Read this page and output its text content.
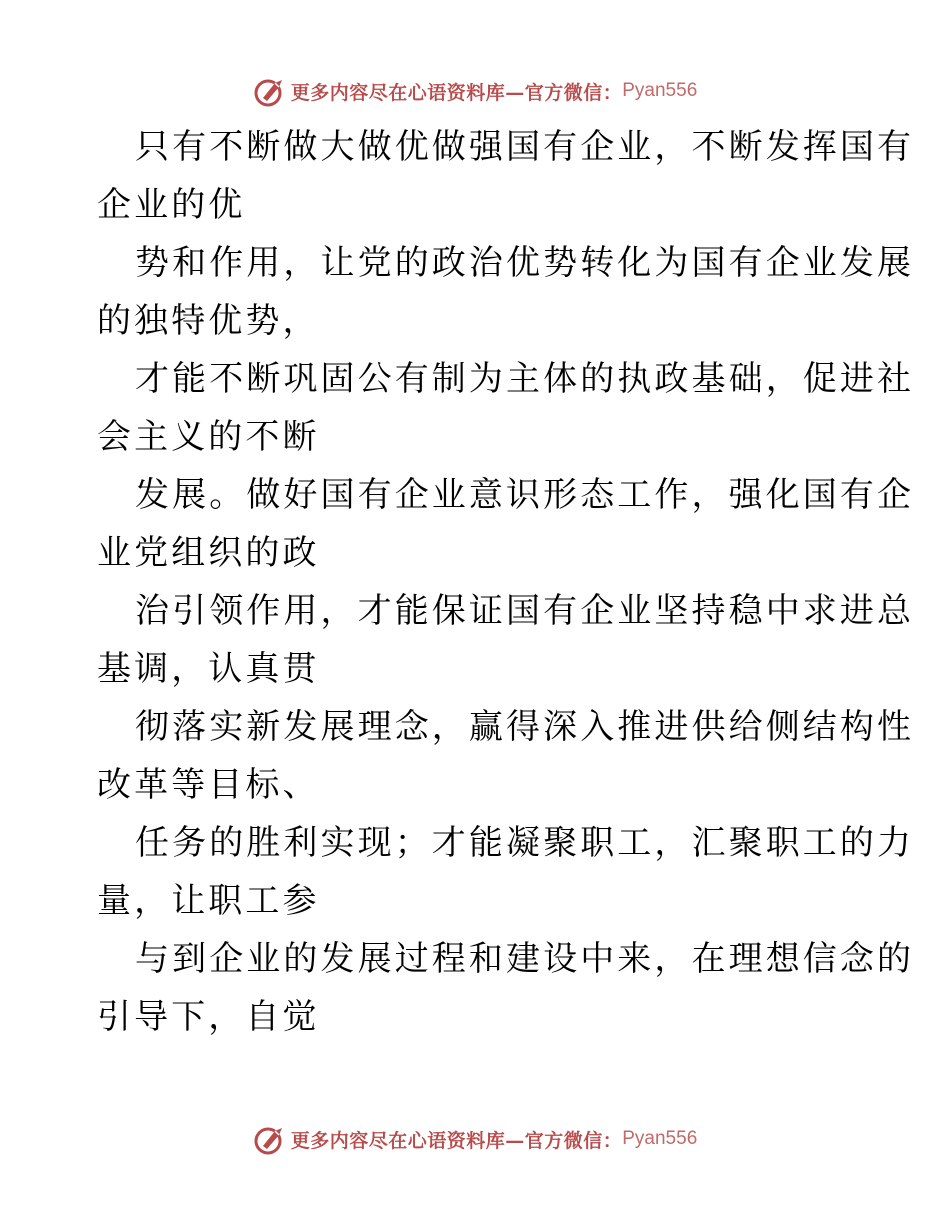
更多内容尽在心语资料库—官方微信： Pyan556
只有不断做大做优做强国有企业，不断发挥国有
企业的优
势和作用，让党的政治优势转化为国有企业发展
的独特优势，
才能不断巩固公有制为主体的执政基础，促进社
会主义的不断
发展。做好国有企业意识形态工作，强化国有企
业党组织的政
治引领作用，才能保证国有企业坚持稳中求进总
基调，认真贯
彻落实新发展理念，赢得深入推进供给侧结构性
改革等目标、
任务的胜利实现；才能凝聚职工，汇聚职工的力
量，让职工参
与到企业的发展过程和建设中来，在理想信念的
引导下，自觉
更多内容尽在心语资料库—官方微信： Pyan556
